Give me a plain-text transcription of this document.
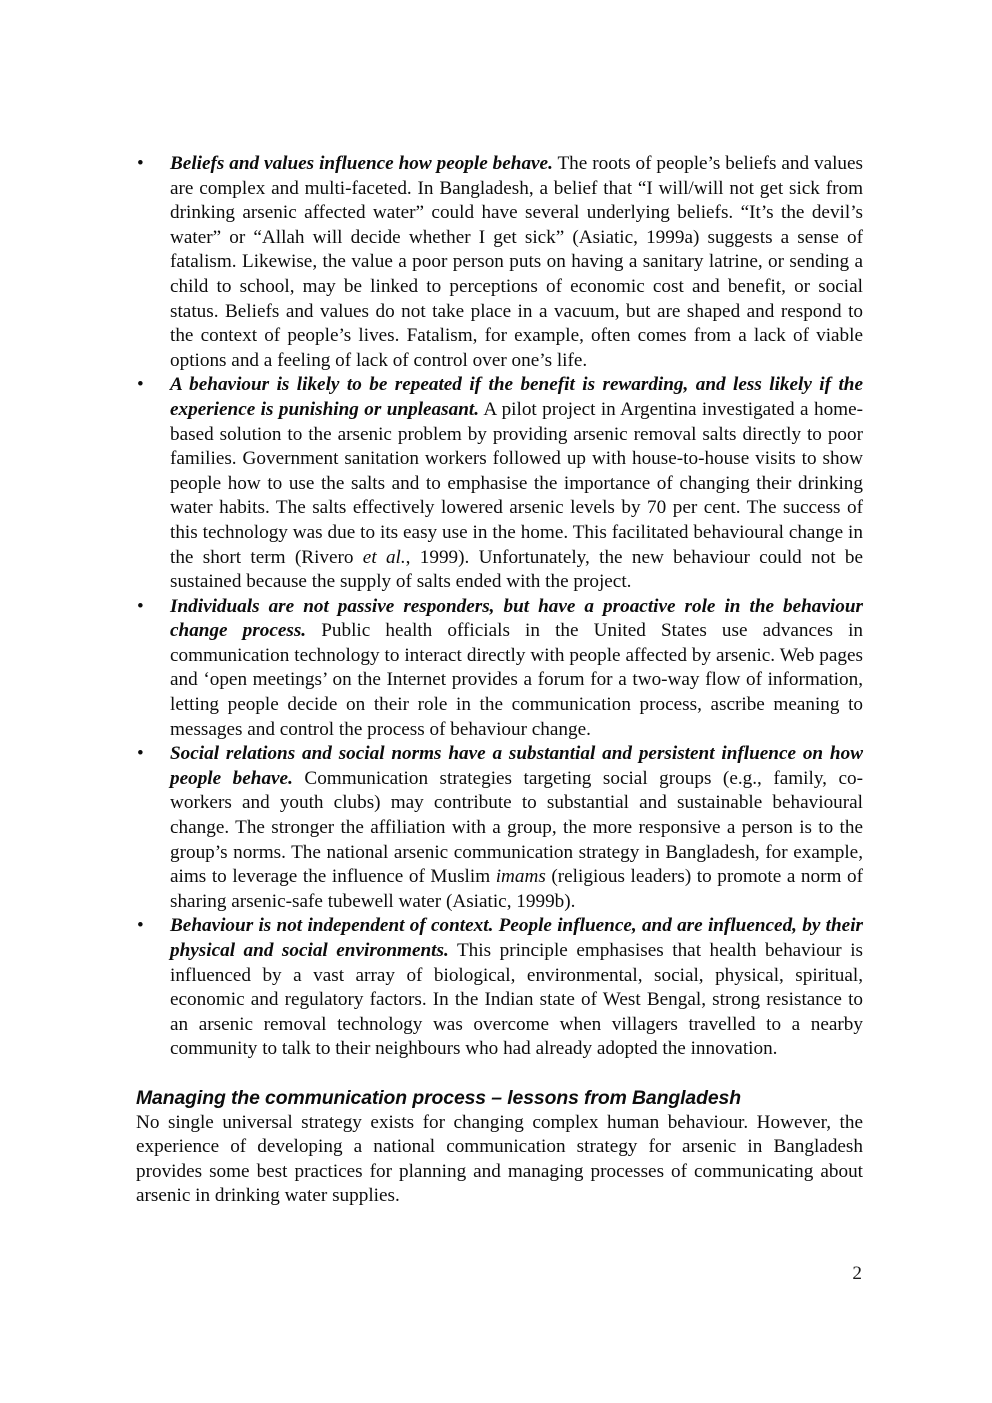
•	Beliefs and values influence how people behave. The roots of people’s beliefs and values are complex and multi-faceted. In Bangladesh, a belief that “I will/will not get sick from drinking arsenic affected water” could have several underlying beliefs. “It’s the devil’s water” or “Allah will decide whether I get sick” (Asiatic, 1999a) suggests a sense of fatalism. Likewise, the value a poor person puts on having a sanitary latrine, or sending a child to school, may be linked to perceptions of economic cost and benefit, or social status. Beliefs and values do not take place in a vacuum, but are shaped and respond to the context of people’s lives. Fatalism, for example, often comes from a lack of viable options and a feeling of lack of control over one’s life.
•	A behaviour is likely to be repeated if the benefit is rewarding, and less likely if the experience is punishing or unpleasant. A pilot project in Argentina investigated a home-based solution to the arsenic problem by providing arsenic removal salts directly to poor families. Government sanitation workers followed up with house-to-house visits to show people how to use the salts and to emphasise the importance of changing their drinking water habits. The salts effectively lowered arsenic levels by 70 per cent. The success of this technology was due to its easy use in the home. This facilitated behavioural change in the short term (Rivero et al., 1999). Unfortunately, the new behaviour could not be sustained because the supply of salts ended with the project.
•	Individuals are not passive responders, but have a proactive role in the behaviour change process. Public health officials in the United States use advances in communication technology to interact directly with people affected by arsenic. Web pages and ‘open meetings’ on the Internet provides a forum for a two-way flow of information, letting people decide on their role in the communication process, ascribe meaning to messages and control the process of behaviour change.
•	Social relations and social norms have a substantial and persistent influence on how people behave. Communication strategies targeting social groups (e.g., family, co-workers and youth clubs) may contribute to substantial and sustainable behavioural change. The stronger the affiliation with a group, the more responsive a person is to the group’s norms. The national arsenic communication strategy in Bangladesh, for example, aims to leverage the influence of Muslim imams (religious leaders) to promote a norm of sharing arsenic-safe tubewell water (Asiatic, 1999b).
•	Behaviour is not independent of context. People influence, and are influenced, by their physical and social environments. This principle emphasises that health behaviour is influenced by a vast array of biological, environmental, social, physical, spiritual, economic and regulatory factors. In the Indian state of West Bengal, strong resistance to an arsenic removal technology was overcome when villagers travelled to a nearby community to talk to their neighbours who had already adopted the innovation.
Managing the communication process – lessons from Bangladesh

No single universal strategy exists for changing complex human behaviour. However, the experience of developing a national communication strategy for arsenic in Bangladesh provides some best practices for planning and managing processes of communicating about arsenic in drinking water supplies.

2
